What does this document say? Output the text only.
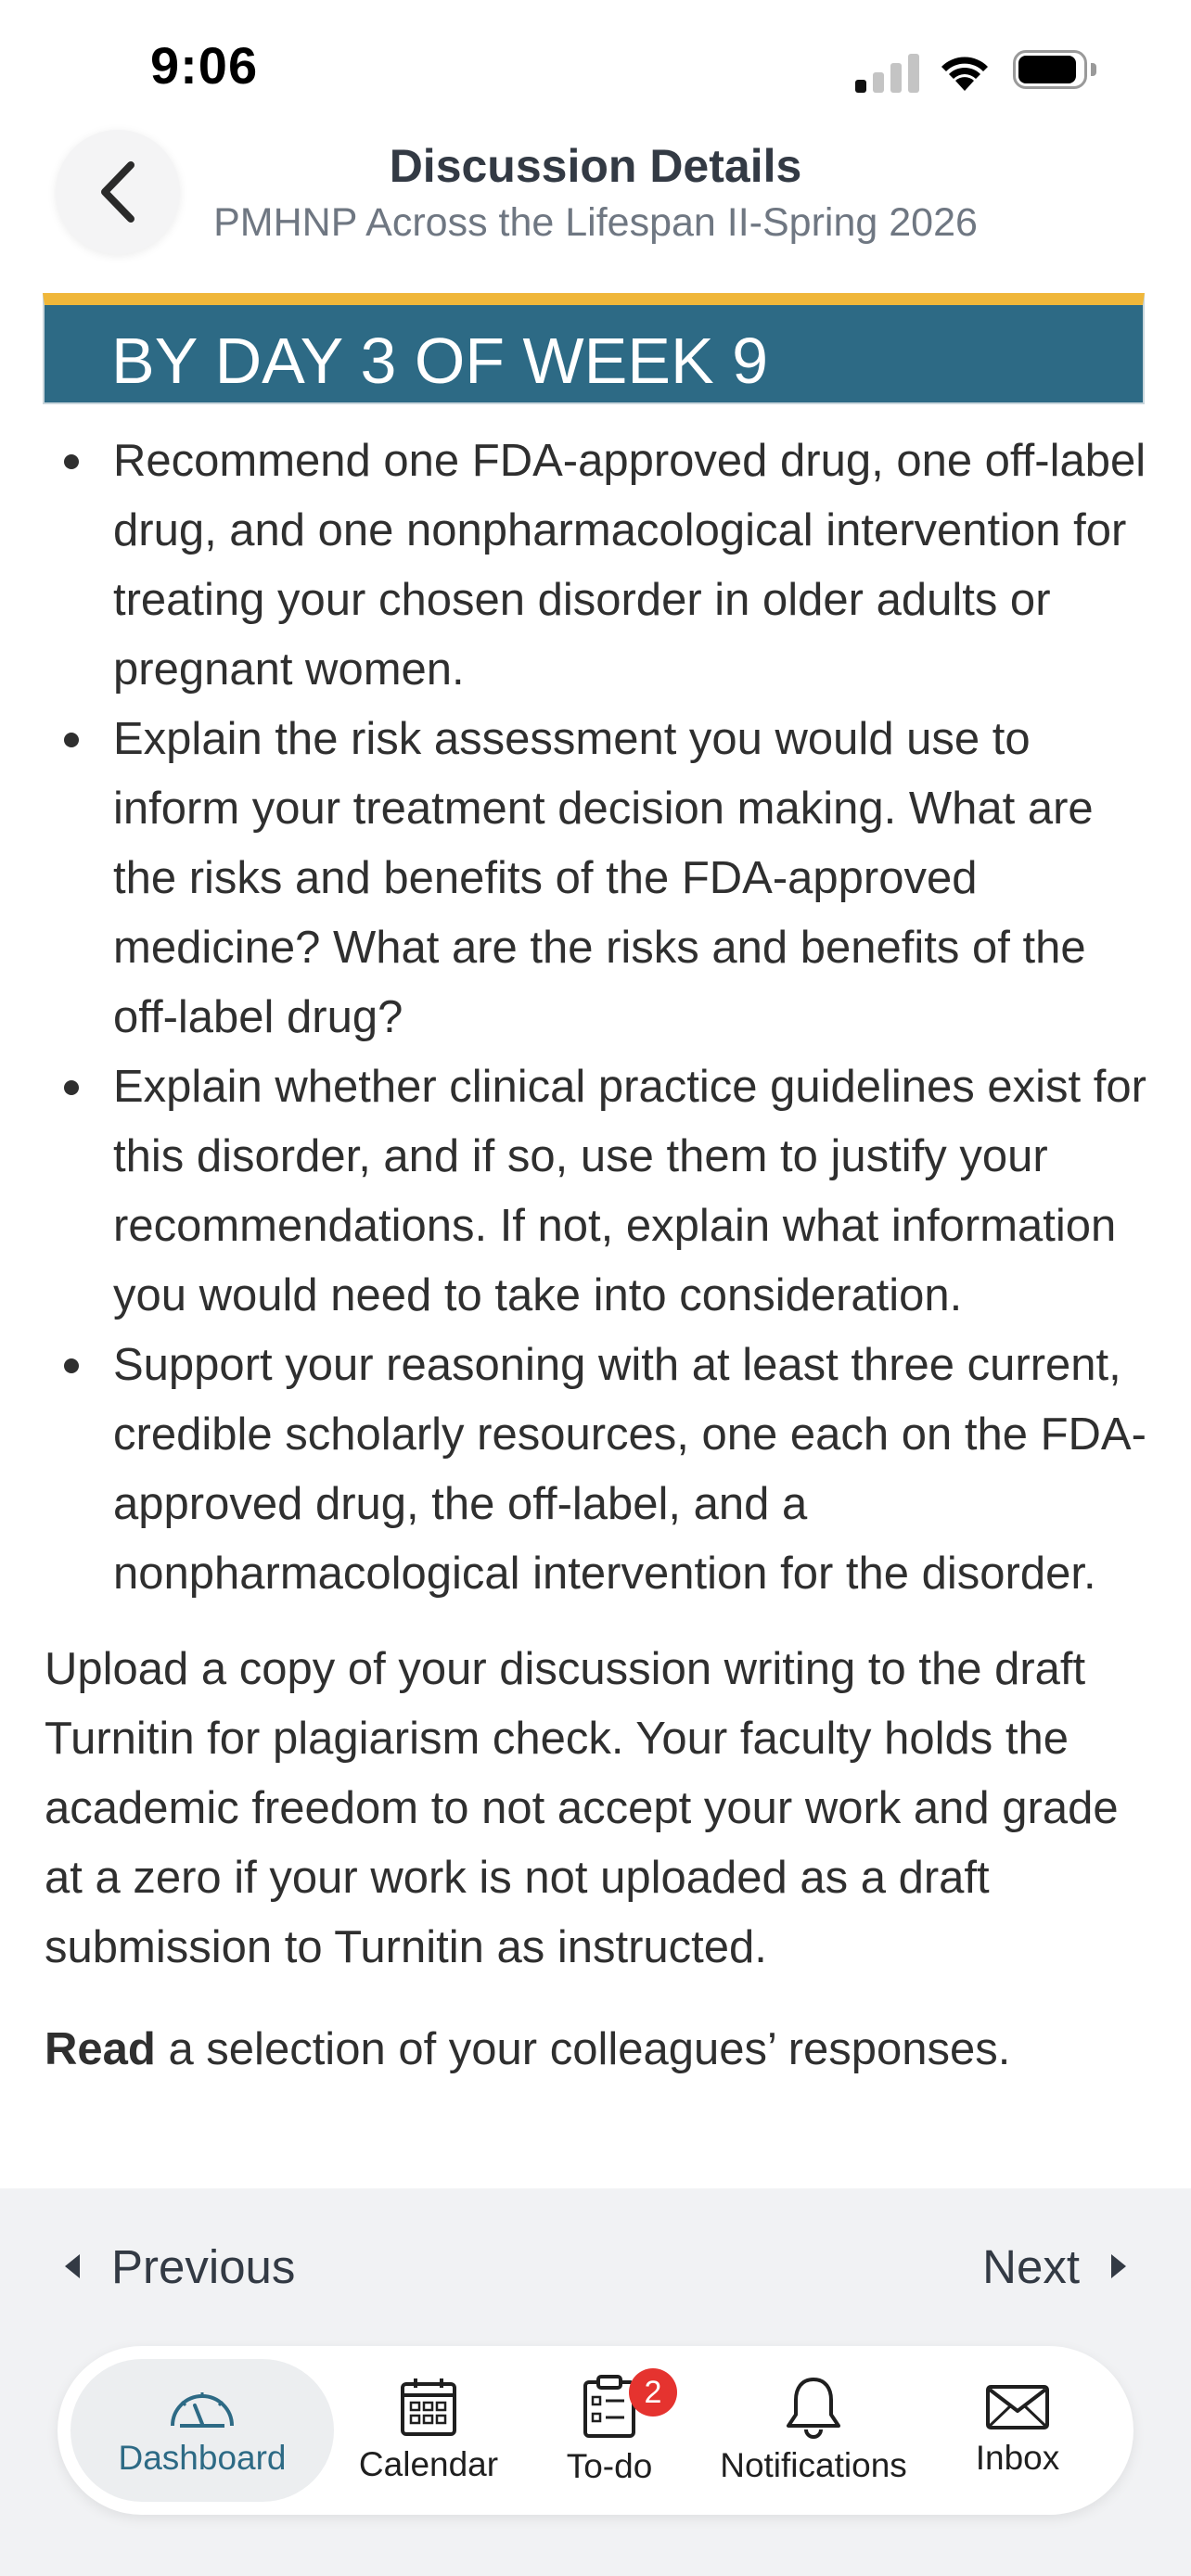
9:06
Discussion Details
PMHNP Across the Lifespan II-Spring 2026
BY DAY 3 OF WEEK 9
Recommend one FDA-approved drug, one off-label drug, and one nonpharmacological intervention for treating your chosen disorder in older adults or pregnant women.
Explain the risk assessment you would use to inform your treatment decision making. What are the risks and benefits of the FDA-approved medicine? What are the risks and benefits of the off-label drug?
Explain whether clinical practice guidelines exist for this disorder, and if so, use them to justify your recommendations. If not, explain what information you would need to take into consideration.
Support your reasoning with at least three current, credible scholarly resources, one each on the FDA-approved drug, the off-label, and a nonpharmacological intervention for the disorder.

Upload a copy of your discussion writing to the draft Turnitin for plagiarism check. Your faculty holds the academic freedom to not accept your work and grade at a zero if your work is not uploaded as a draft submission to Turnitin as instructed.

Read a selection of your colleagues’ responses.

Previous	Next
Dashboard Calendar
2
To-do Notifications Inbox
